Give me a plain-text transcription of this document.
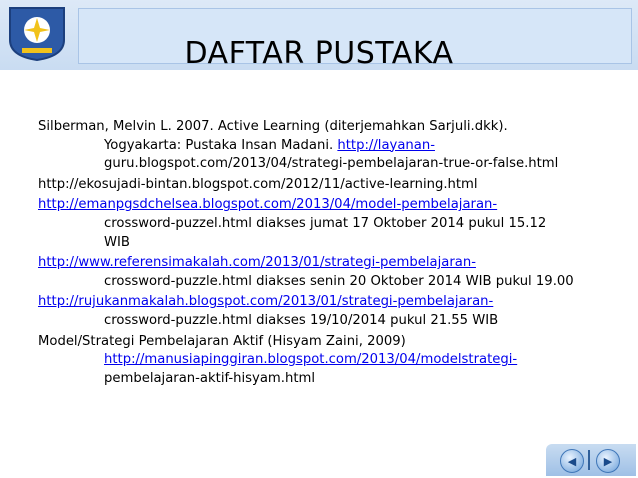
DAFTAR PUSTAKA
Silberman, Melvin L. 2007. Active Learning (diterjemahkan Sarjuli.dkk).
Yogyakarta: Pustaka Insan Madani. http://layanan-
guru.blogspot.com/2013/04/strategi-pembelajaran-true-or-false.html
http://ekosujadi-bintan.blogspot.com/2012/11/active-learning.html
http://emanpgsdchelsea.blogspot.com/2013/04/model-pembelajaran-
crossword-puzzel.html diakses jumat 17 Oktober 2014 pukul 15.12
WIB
http://www.referensimakalah.com/2013/01/strategi-pembelajaran-
crossword-puzzle.html diakses senin 20 Oktober 2014 WIB pukul 19.00
http://rujukanmakalah.blogspot.com/2013/01/strategi-pembelajaran-
crossword-puzzle.html diakses 19/10/2014 pukul 21.55 WIB
Model/Strategi Pembelajaran Aktif (Hisyam Zaini, 2009)
http://manusiapinggiran.blogspot.com/2013/04/modelstrategi-
pembelajaran-aktif-hisyam.html
◀	▶
